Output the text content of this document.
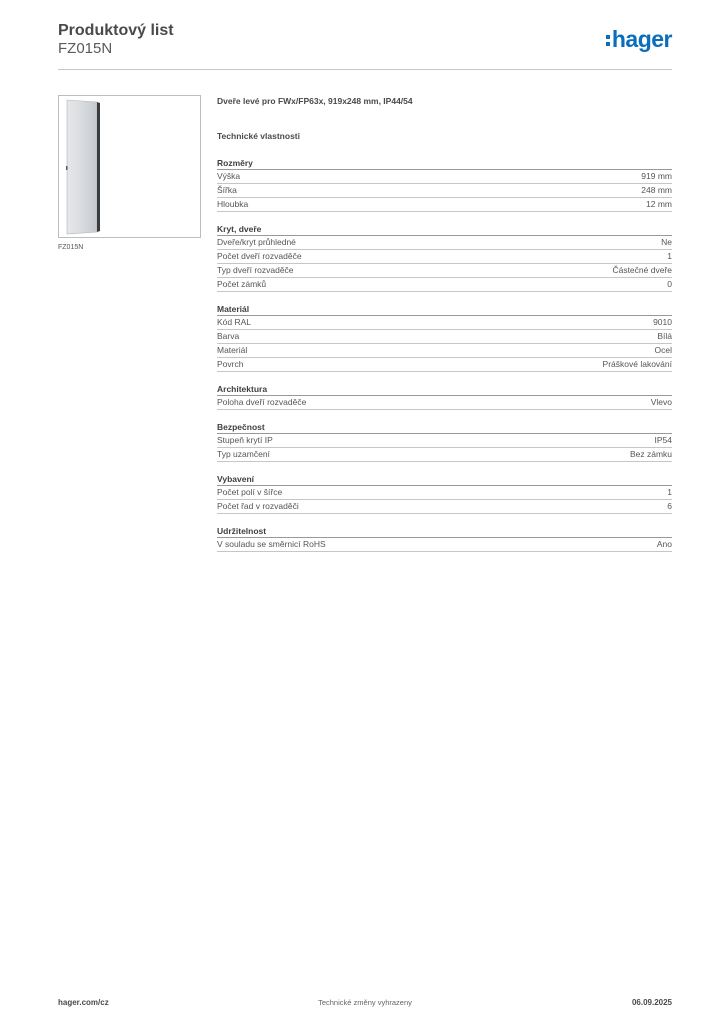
Produktový list
FZ015N	hager
FZ015N
Dveře levé pro FWx/FP63x, 919x248 mm, IP44/54
Technické vlastnosti
Rozměry
Výška	919 mm
Šířka	248 mm
Hloubka	12 mm
Kryt, dveře
Dveře/kryt průhledné	Ne
Počet dveří rozvaděče	1
Typ dveří rozvaděče	Částečné dveře
Počet zámků	0
Materiál
Kód RAL	9010
Barva	Bílá
Materiál	Ocel
Povrch	Práškové lakování
Architektura
Poloha dveří rozvaděče	Vlevo
Bezpečnost
Stupeň krytí IP	IP54
Typ uzamčení	Bez zámku
Vybavení
Počet polí v šířce	1
Počet řad v rozvaděči	6
Udržitelnost
V souladu se směrnicí RoHS	Ano
Technické změny vyhrazeny
hager.com/cz	06.09.2025
